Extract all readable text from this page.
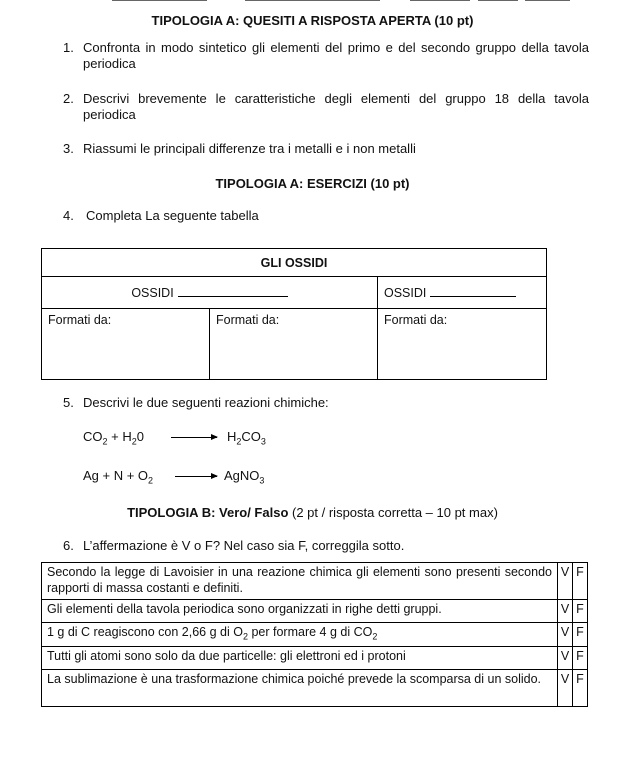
TIPOLOGIA A: QUESITI A RISPOSTA APERTA (10 pt)
1. Confronta in modo sintetico gli elementi del primo e del secondo gruppo della tavola periodica
2. Descrivi brevemente le caratteristiche degli elementi del gruppo 18 della tavola periodica
3. Riassumi le principali differenze tra i metalli e i non metalli
TIPOLOGIA A: ESERCIZI (10 pt)
4. Completa La seguente tabella
GLI OSSIDI		
OSSIDI		OSSIDI
Formati da:	Formati da:	Formati da:
5. Descrivi le due seguenti reazioni chimiche:
$CO_2 + H_20 \to H_2CO_3$
$Ag + N + O_2$ → AgNO$_3$
TIPOLOGIA B: Vero/ Falso (2 pt / risposta corretta – 10 pt max)
6. L’affermazione è V o F? Nel caso sia F, correggila sotto.
Secondo la legge di Lavoisier in una reazione chimica gli elementi sono presenti secondo rapporti di massa costanti e definiti.	V	F
Gli elementi della tavola periodica sono organizzati in righe detti gruppi.	V	F
1 g di C reagiscono con 2,66 g di $O_2$ per formare 4 g di $CO_2$	V	F
Tutti gli atomi sono solo da due particelle: gli elettroni ed i protoni	V	F
La sublimazione è una trasformazione chimica poiché prevede la scomparsa di un solido.	V	F
